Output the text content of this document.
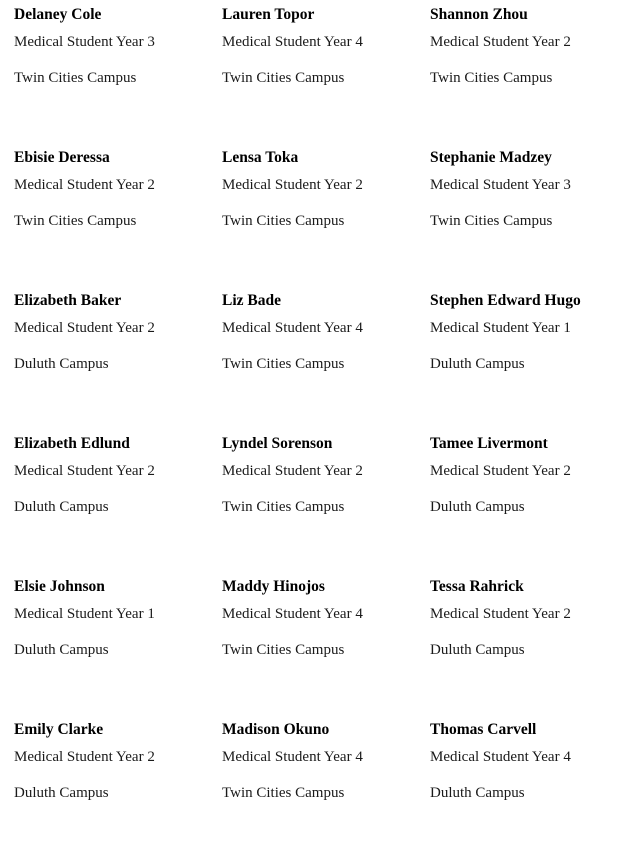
Delaney Cole
Medical Student Year 3
Twin Cities Campus
Lauren Topor
Medical Student Year 4
Twin Cities Campus
Shannon Zhou
Medical Student Year 2
Twin Cities Campus
Ebisie Deressa
Medical Student Year 2
Twin Cities Campus
Lensa Toka
Medical Student Year 2
Twin Cities Campus
Stephanie Madzey
Medical Student Year 3
Twin Cities Campus
Elizabeth Baker
Medical Student Year 2
Duluth Campus
Liz Bade
Medical Student Year 4
Twin Cities Campus
Stephen Edward Hugo
Medical Student Year 1
Duluth Campus
Elizabeth Edlund
Medical Student Year 2
Duluth Campus
Lyndel Sorenson
Medical Student Year 2
Twin Cities Campus
Tamee Livermont
Medical Student Year 2
Duluth Campus
Elsie Johnson
Medical Student Year 1
Duluth Campus
Maddy Hinojos
Medical Student Year 4
Twin Cities Campus
Tessa Rahrick
Medical Student Year 2
Duluth Campus
Emily Clarke
Medical Student Year 2
Duluth Campus
Madison Okuno
Medical Student Year 4
Twin Cities Campus
Thomas Carvell
Medical Student Year 4
Duluth Campus
